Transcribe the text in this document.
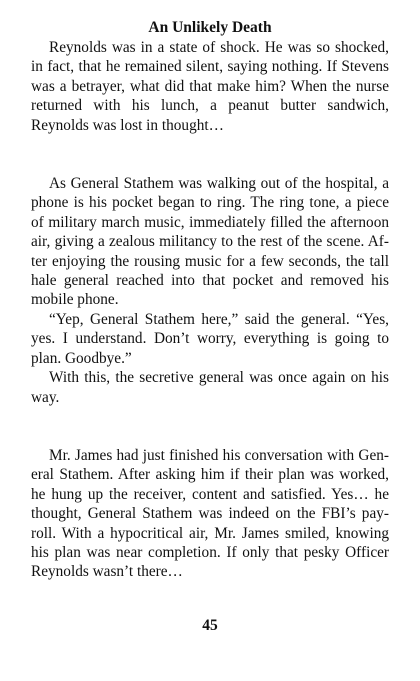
An Unlikely Death

Reynolds was in a state of shock. He was so shocked, in fact, that he remained silent, saying nothing. If Stevens was a betrayer, what did that make him? When the nurse returned with his lunch, a peanut butter sandwich, Reynolds was lost in thought…

As General Stathem was walking out of the hospital, a phone is his pocket began to ring. The ring tone, a piece of military march music, immediately filled the afternoon air, giving a zealous militancy to the rest of the scene. After enjoying the rousing music for a few seconds, the tall hale general reached into that pocket and removed his mobile phone.

“Yep, General Stathem here,” said the general. “Yes, yes. I understand. Don’t worry, everything is going to plan. Goodbye.”

With this, the secretive general was once again on his way.

Mr. James had just finished his conversation with General Stathem. After asking him if their plan was worked, he hung up the receiver, content and satisfied. Yes… he thought, General Stathem was indeed on the FBI’s payroll. With a hypocritical air, Mr. James smiled, knowing his plan was near completion. If only that pesky Officer Reynolds wasn’t there…

45
